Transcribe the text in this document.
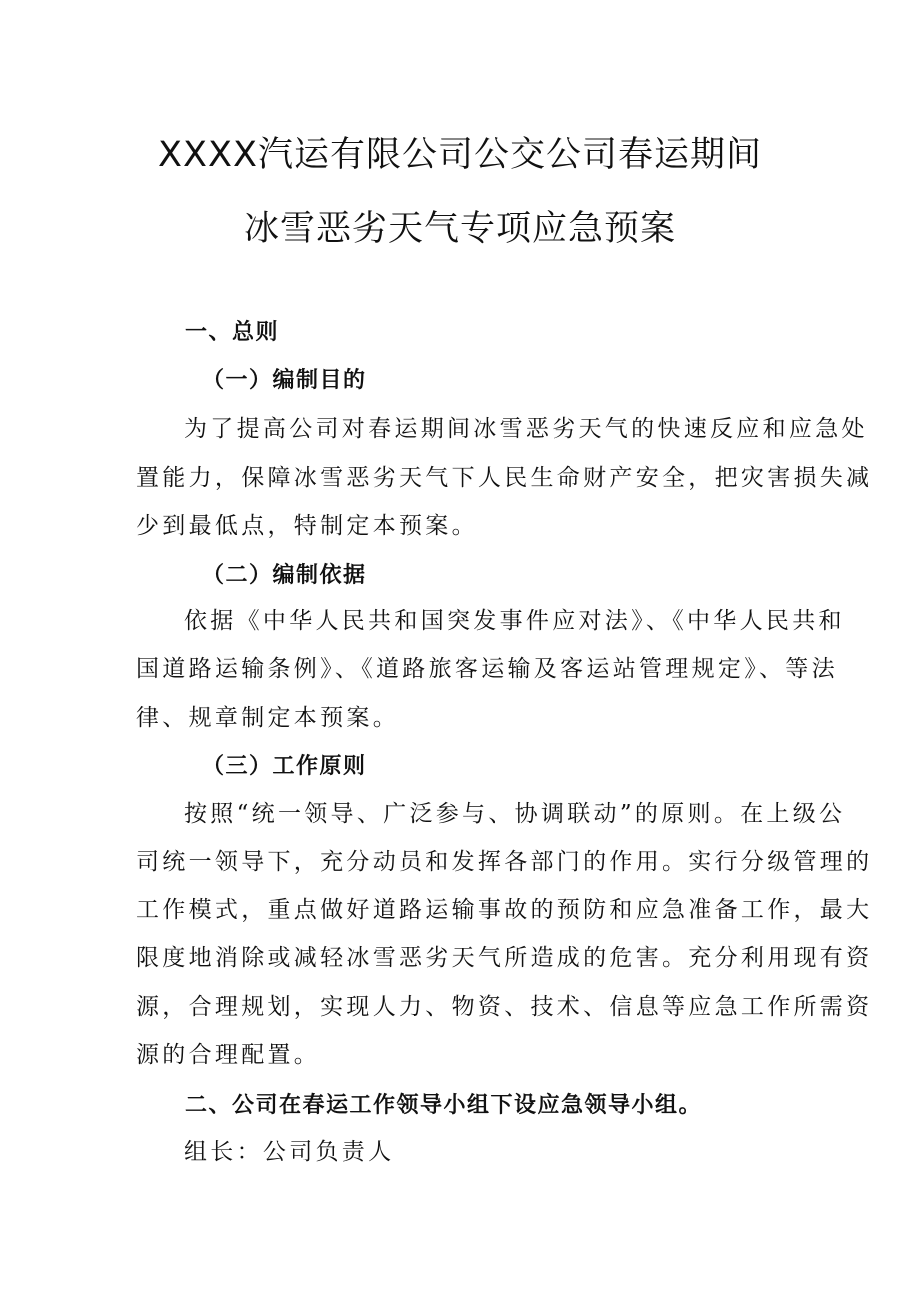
XXXX汽运有限公司公交公司春运期间
冰雪恶劣天气专项应急预案

一、总则

（一）编制目的

为了提高公司对春运期间冰雪恶劣天气的快速反应和应急处

置能力，保障冰雪恶劣天气下人民生命财产安全，把灾害损失减

少到最低点，特制定本预案。

（二）编制依据

依据《中华人民共和国突发事件应对法》、《中华人民共和

国道路运输条例》、《道路旅客运输及客运站管理规定》、等法

律、规章制定本预案。

（三）工作原则

按照“统一领导、广泛参与、协调联动”的原则。在上级公

司统一领导下，充分动员和发挥各部门的作用。实行分级管理的

工作模式，重点做好道路运输事故的预防和应急准备工作，最大

限度地消除或减轻冰雪恶劣天气所造成的危害。充分利用现有资

源，合理规划，实现人力、物资、技术、信息等应急工作所需资

源的合理配置。

二、公司在春运工作领导小组下设应急领导小组。

组长：公司负责人
